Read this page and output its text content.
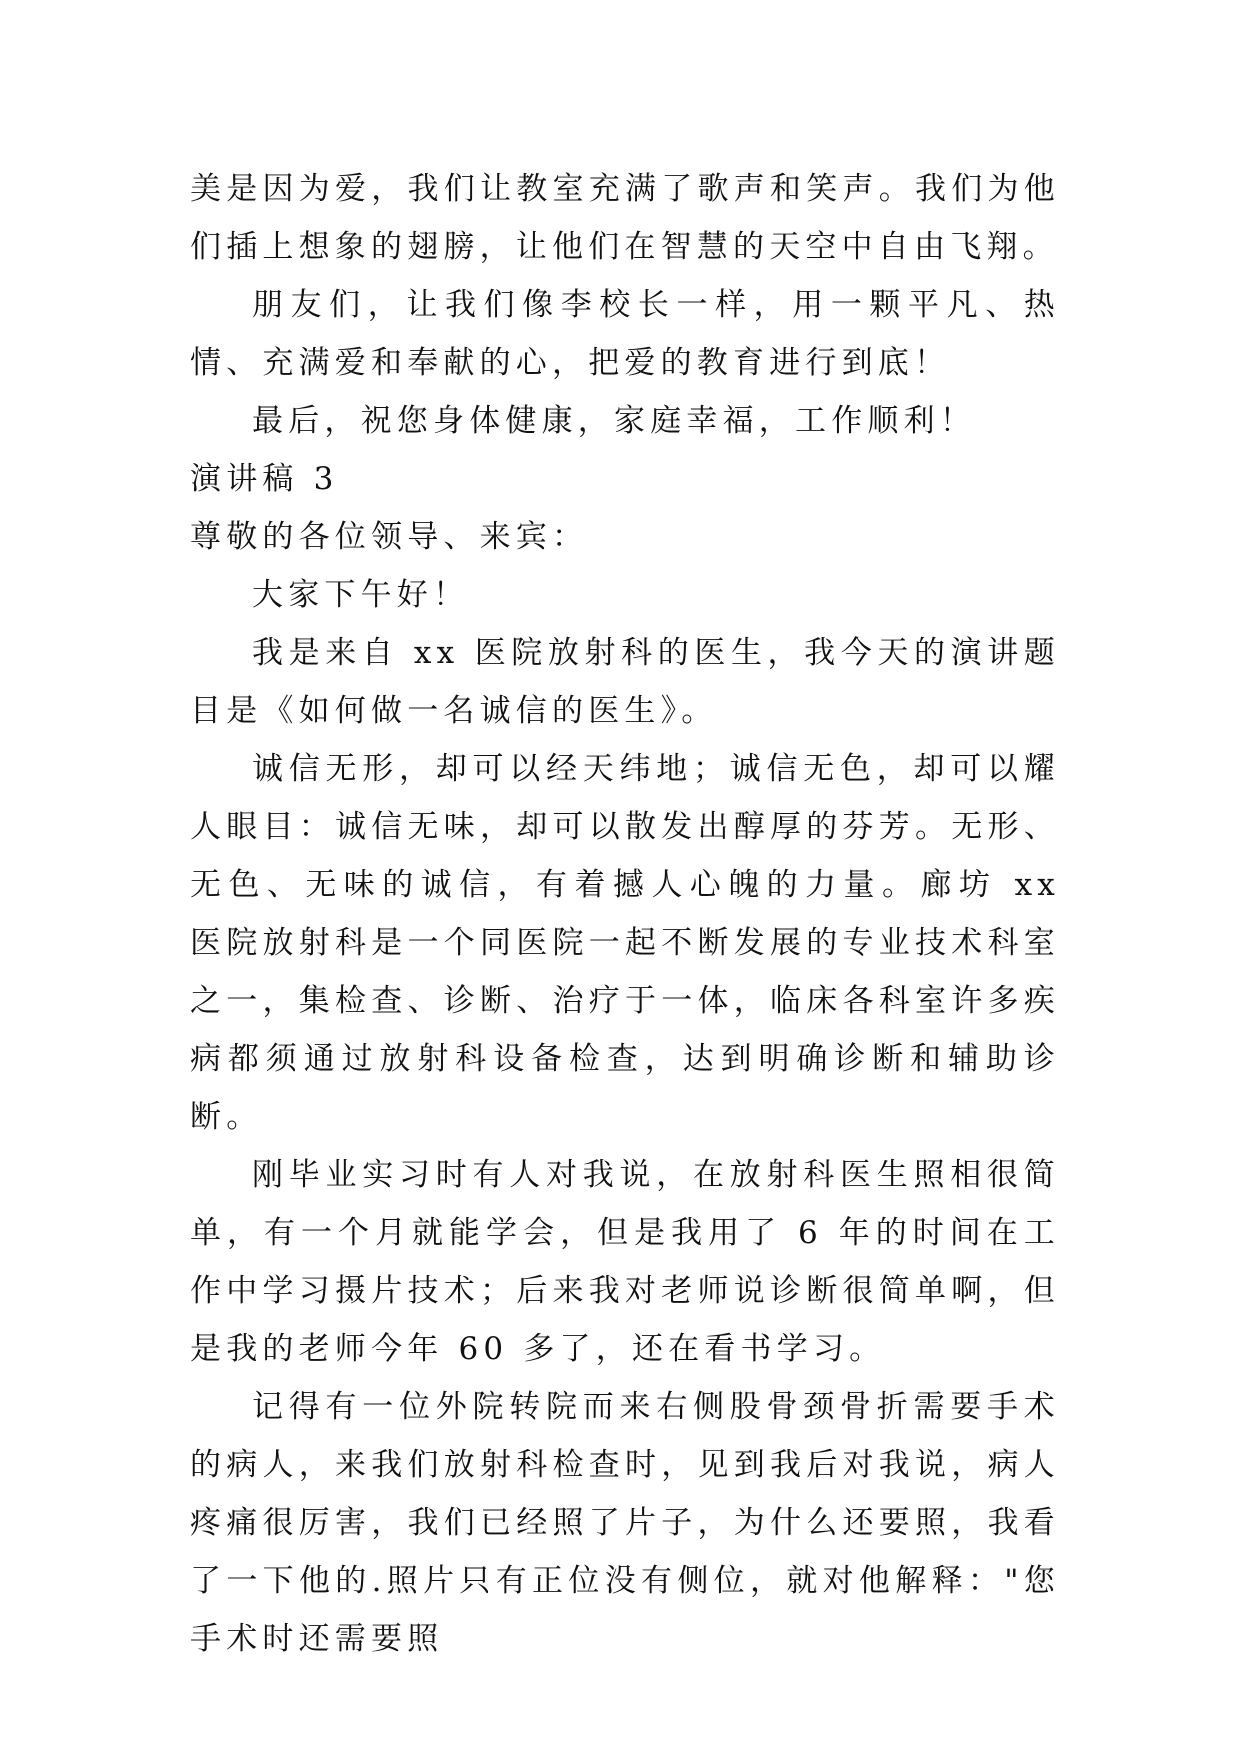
美是因为爱，我们让教室充满了歌声和笑声。我们为他们插上想象的翅膀，让他们在智慧的天空中自由飞翔。

朋友们，让我们像李校长一样，用一颗平凡、热情、充满爱和奉献的心，把爱的教育进行到底！

最后，祝您身体健康，家庭幸福，工作顺利！

演讲稿 3

尊敬的各位领导、来宾：

大家下午好！

我是来自 xx 医院放射科的医生，我今天的演讲题目是《如何做一名诚信的医生》。

诚信无形，却可以经天纬地；诚信无色，却可以耀人眼目：诚信无味，却可以散发出醇厚的芬芳。无形、无色、无味的诚信，有着撼人心魄的力量。廊坊 xx 医院放射科是一个同医院一起不断发展的专业技术科室之一，集检查、诊断、治疗于一体，临床各科室许多疾病都须通过放射科设备检查，达到明确诊断和辅助诊断。

刚毕业实习时有人对我说，在放射科医生照相很简单，有一个月就能学会，但是我用了 6 年的时间在工作中学习摄片技术；后来我对老师说诊断很简单啊，但是我的老师今年 60 多了，还在看书学习。

记得有一位外院转院而来右侧股骨颈骨折需要手术的病人，来我们放射科检查时，见到我后对我说，病人疼痛很厉害，我们已经照了片子，为什么还要照，我看了一下他的.照片只有正位没有侧位，就对他解释："您手术时还需要照
